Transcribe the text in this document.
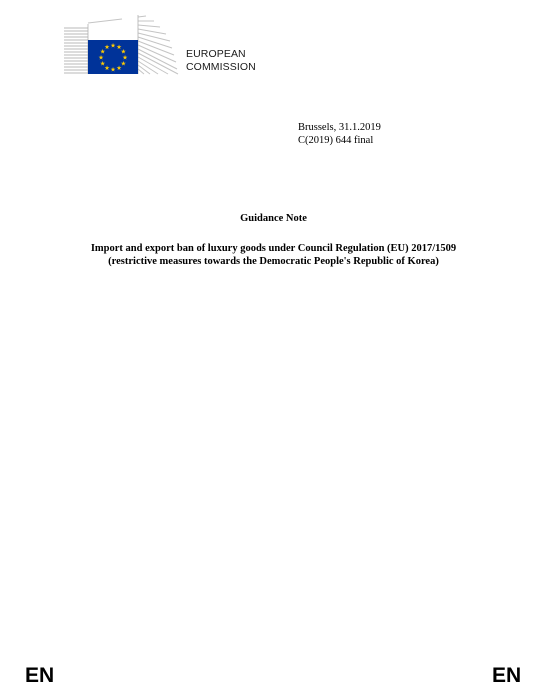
★ ★
★
★
★
★
★
★
★
★
★
★
EUROPEAN
COMMISSION
Brussels, 31.1.2019
C(2019) 644 final
Guidance Note
Import and export ban of luxury goods under Council Regulation (EU) 2017/1509
(restrictive measures towards the Democratic People's Republic of Korea)
EN	EN
